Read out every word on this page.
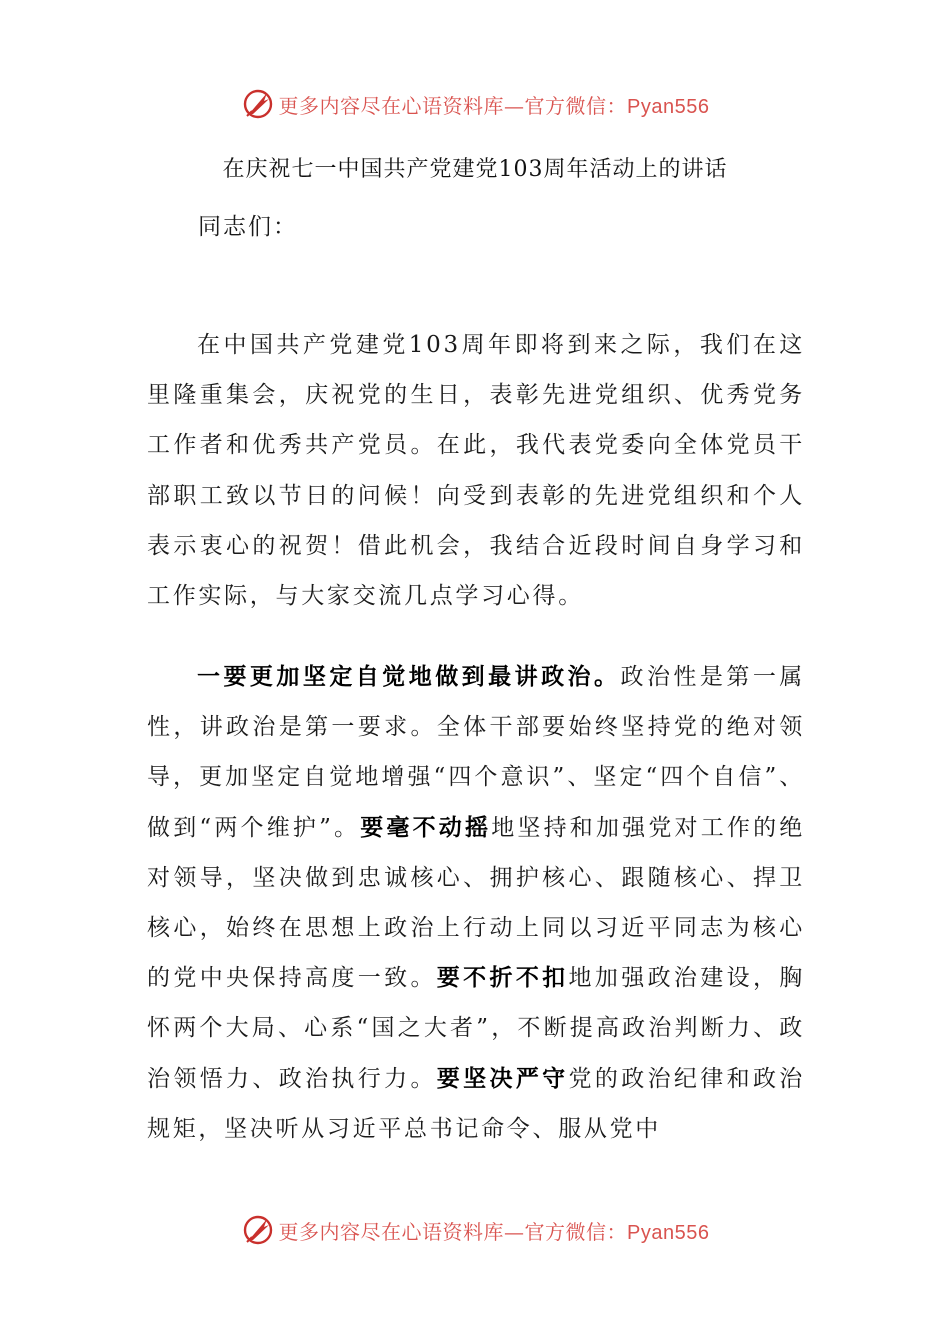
更多内容尽在心语资料库—官方微信：Pyan556
在庆祝七一中国共产党建党103周年活动上的讲话
同志们：
在中国共产党建党103周年即将到来之际，我们在这里隆重集会，庆祝党的生日，表彰先进党组织、优秀党务工作者和优秀共产党员。在此，我代表党委向全体党员干部职工致以节日的问候！向受到表彰的先进党组织和个人表示衷心的祝贺！借此机会，我结合近段时间自身学习和工作实际，与大家交流几点学习心得。
一要更加坚定自觉地做到最讲政治。政治性是第一属性，讲政治是第一要求。全体干部要始终坚持党的绝对领导，更加坚定自觉地增强“四个意识”、坚定“四个自信”、做到“两个维护”。要毫不动摇地坚持和加强党对工作的绝对领导，坚决做到忠诚核心、拥护核心、跟随核心、捍卫核心，始终在思想上政治上行动上同以习近平同志为核心的党中央保持高度一致。要不折不扣地加强政治建设，胸怀两个大局、心系“国之大者”，不断提高政治判断力、政治领悟力、政治执行力。要坚决严守党的政治纪律和政治规矩，坚决听从习近平总书记命令、服从党中
更多内容尽在心语资料库—官方微信：Pyan556
